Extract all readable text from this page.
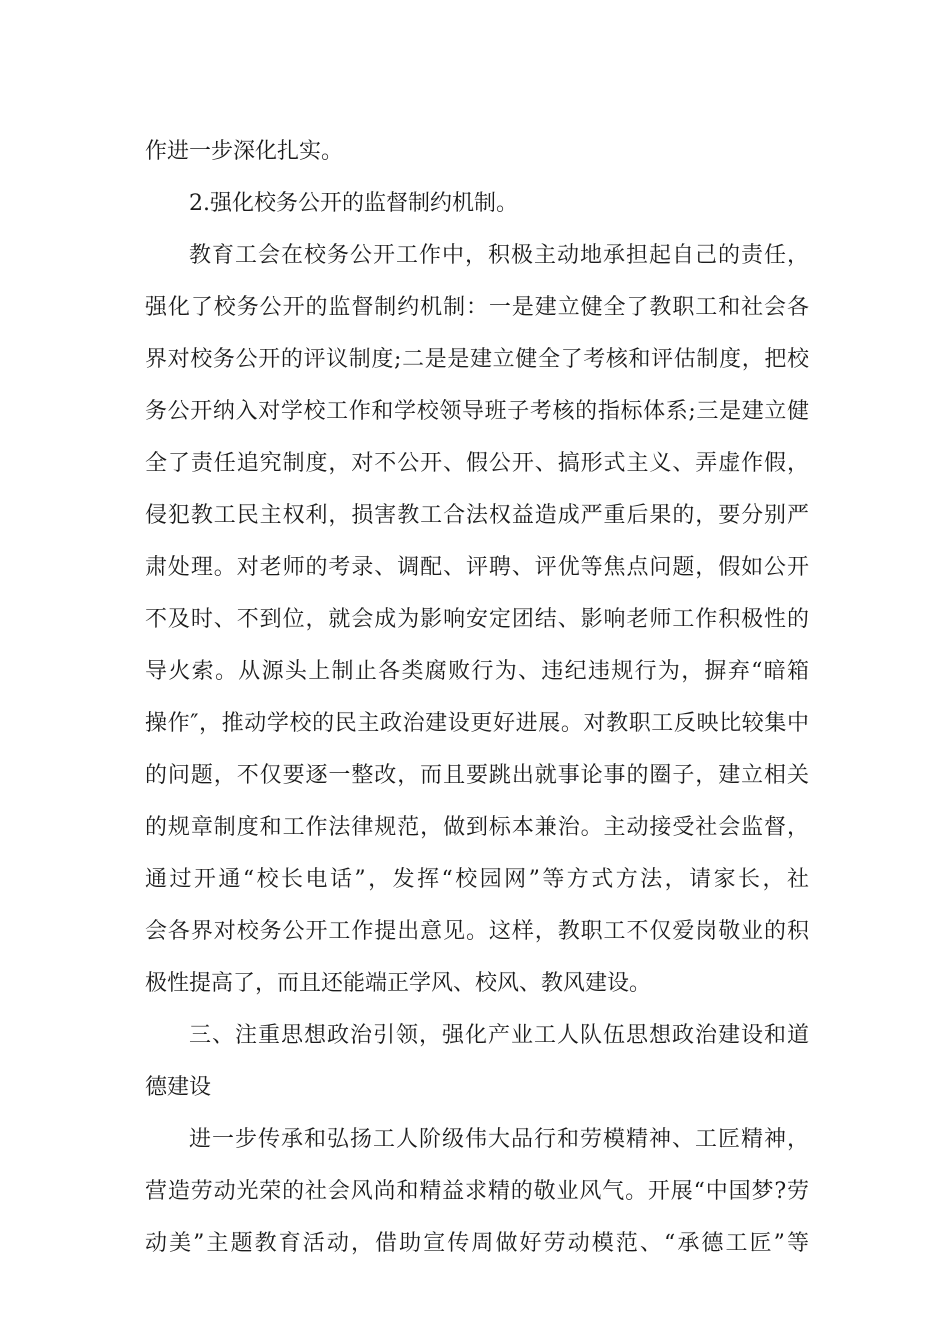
作进一步深化扎实。
2.强化校务公开的监督制约机制。
教育工会在校务公开工作中，积极主动地承担起自己的责任，
强化了校务公开的监督制约机制：一是建立健全了教职工和社会各
界对校务公开的评议制度;二是是建立健全了考核和评估制度，把校
务公开纳入对学校工作和学校领导班子考核的指标体系;三是建立健
全了责任追究制度，对不公开、假公开、搞形式主义、弄虚作假，
侵犯教工民主权利，损害教工合法权益造成严重后果的，要分别严
肃处理。对老师的考录、调配、评聘、评优等焦点问题，假如公开
不及时、不到位，就会成为影响安定团结、影响老师工作积极性的
导火索。从源头上制止各类腐败行为、违纪违规行为，摒弃“暗箱
操作″，推动学校的民主政治建设更好进展。对教职工反映比较集中
的问题，不仅要逐一整改，而且要跳出就事论事的圈子，建立相关
的规章制度和工作法律规范，做到标本兼治。主动接受社会监督，
通过开通“校长电话”，发挥“校园网”等方式方法，请家长，社
会各界对校务公开工作提出意见。这样，教职工不仅爱岗敬业的积
极性提高了，而且还能端正学风、校风、教风建设。
三、注重思想政治引领，强化产业工人队伍思想政治建设和道
德建设
进一步传承和弘扬工人阶级伟大品行和劳模精神、工匠精神，
营造劳动光荣的社会风尚和精益求精的敬业风气。开展“中国梦?劳
动美”主题教育活动，借助宣传周做好劳动模范、“承德工匠”等
